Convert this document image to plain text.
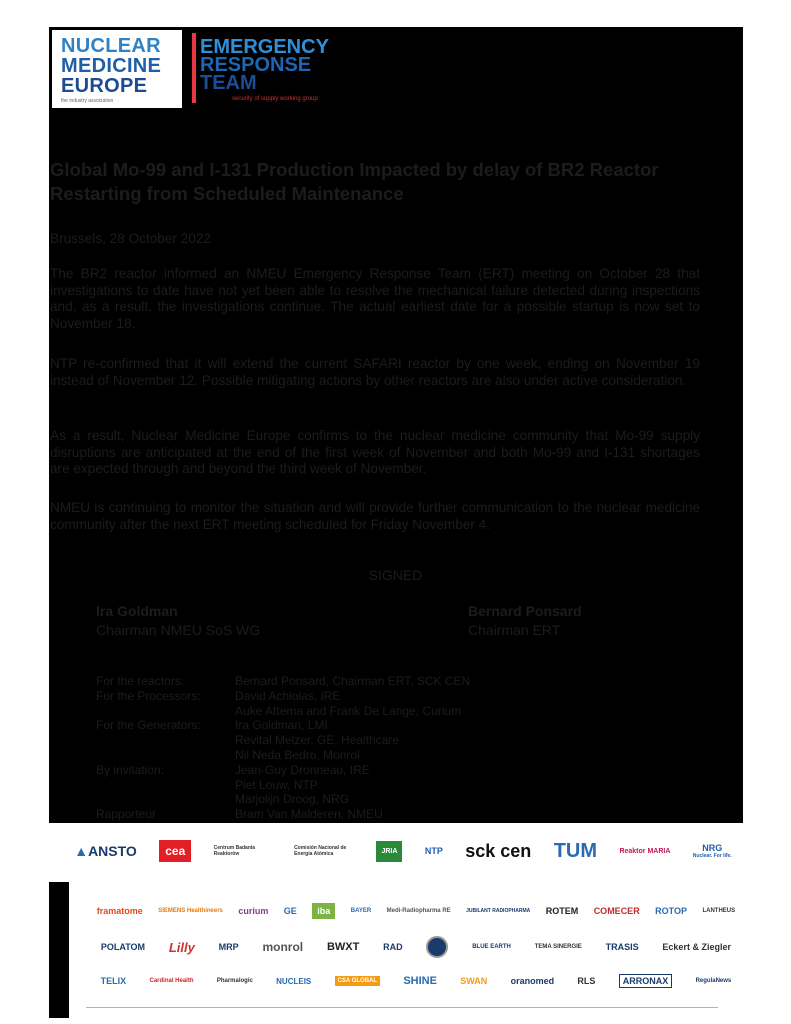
NUCLEAR
MEDICINE
EUROPE
the industry association
EMERGENCY
RESPONSE
TEAM
security of supply working group
Global Mo-99 and I-131 Production Impacted by delay of BR2 Reactor Restarting from Scheduled Maintenance
Brussels, 28 October 2022
The BR2 reactor informed an NMEU Emergency Response Team (ERT) meeting on October 28 that investigations to date have not yet been able to resolve the mechanical failure detected during inspections and, as a result, the investigations continue. The actual earliest date for a possible startup is now set to November 18.
NTP re-confirmed that it will extend the current SAFARI reactor by one week, ending on November 19 instead of November 12. Possible mitigating actions by other reactors are also under active consideration.
As a result, Nuclear Medicine Europe confirms to the nuclear medicine community that Mo-99 supply disruptions are anticipated at the end of the first week of November and both Mo-99 and I-131 shortages are expected through and beyond the third week of November.
NMEU is continuing to monitor the situation and will provide further communication to the nuclear medicine community after the next ERT meeting scheduled for Friday November 4.
SIGNED
Ira Goldman
Chairman NMEU SoS WG
Bernard Ponsard
Chairman ERT
For the reactors:	Bernard Ponsard, Chairman ERT, SCK CEN
For the Processors:	David Achiolas, IRE
Auke Attema and Frank De Lange, Curium
For the Generators:	Ira Goldman, LMI
Revital Melzer, GE, Healthcare
Nil Neda Bedro, Monrol
By invitation:	Jean-Guy Dronneau, IRE
Piet Louw, NTP
Marjolijn Droog, NRG
Rapporteur	Bram Van Malderen, NMEU
▲ ANSTO	cea	Centrum Badania Reaktorów
Comisión Nacional de Energía Atómica	JRIA	NTP sck cen TUM	Reaktor MARIA	NRG
Nuclear. For life.
framatome	SIEMENS Healthineers curium GE	iba	BAYER	Medi-Radiopharma RE	JUBILANT RADIOPHARMA ROTEM COMECER ROTOP	LANTHEUS
POLATOM Lilly	MRP monrol BWXT	RAD	BLUE EARTH	TEMA SINERGIE	TRASIS	Eckert & Ziegler
TELIX	Cardinal Health	Pharmalogic	NUCLEIS	CSA GLOBAL SHINE	SWAN	oranomed	RLS	ARRONAX	RegulaNews
